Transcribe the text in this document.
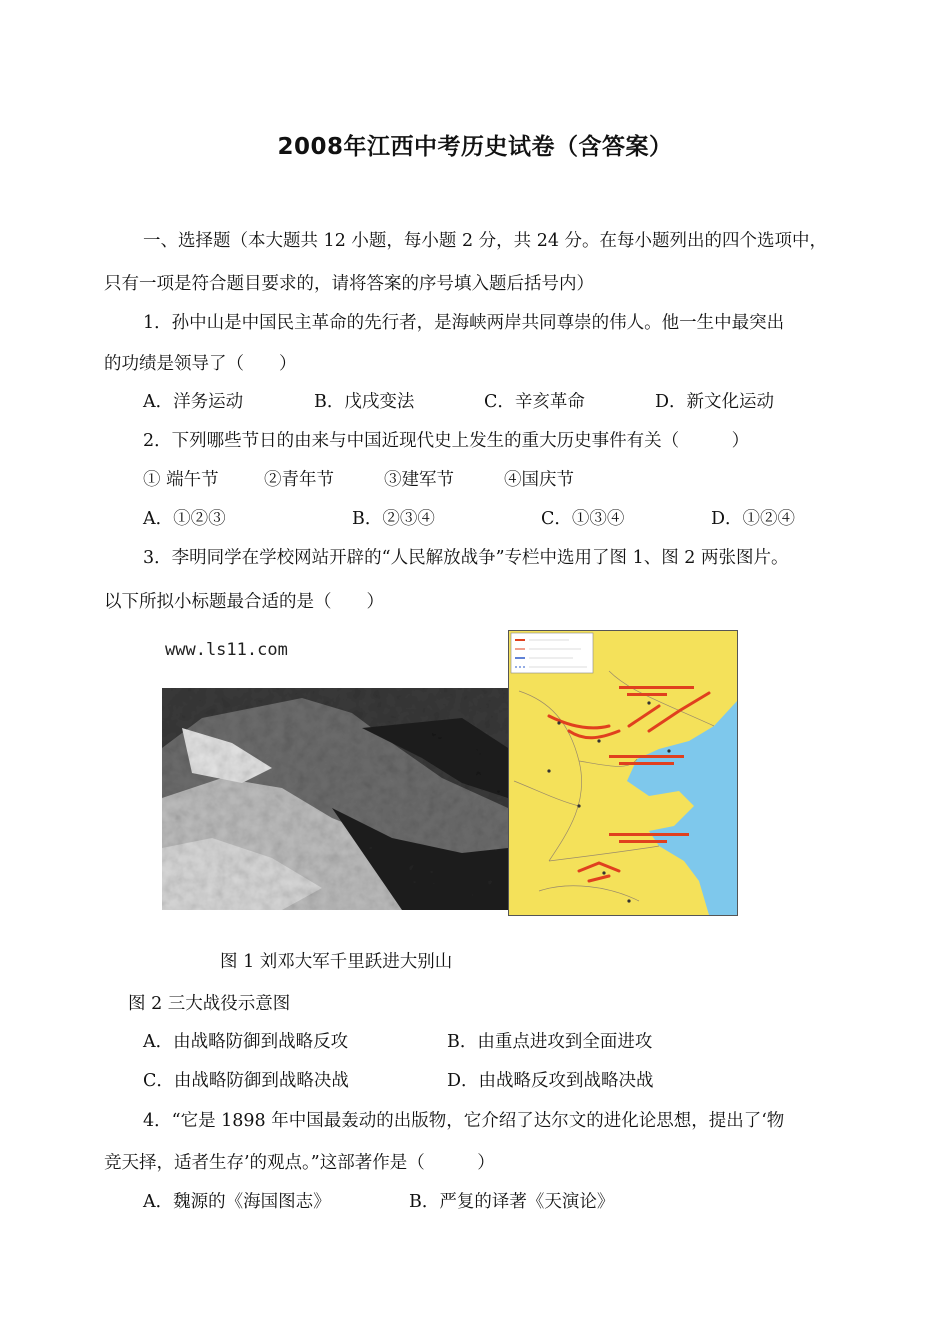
2008年江西中考历史试卷（含答案）
一、选择题（本大题共 12 小题，每小题 2 分，共 24 分。在每小题列出的四个选项中，
只有一项是符合题目要求的，请将答案的序号填入题后括号内）
1．孙中山是中国民主革命的先行者，是海峡两岸共同尊崇的伟人。他一生中最突出
的功绩是领导了（　　）
A．洋务运动	B．戊戌变法	C．辛亥革命	D．新文化运动
2．下列哪些节日的由来与中国近现代史上发生的重大历史事件有关（　　　）
① 端午节	②青年节	③建军节	④国庆节
A．①②③	B．②③④	C．①③④	D．①②④
3．李明同学在学校网站开辟的“人民解放战争”专栏中选用了图 1、图 2 两张图片。
以下所拟小标题最合适的是（　　）
www.ls11.com
图 1 刘邓大军千里跃进大别山
图 2 三大战役示意图
A．由战略防御到战略反攻	B．由重点进攻到全面进攻
C．由战略防御到战略决战	D．由战略反攻到战略决战
4．“它是 1898 年中国最轰动的出版物，它介绍了达尔文的进化论思想，提出了‘物
竞天择，适者生存’的观点。”这部著作是（　　　）
A．魏源的《海国图志》	B．严复的译著《天演论》
